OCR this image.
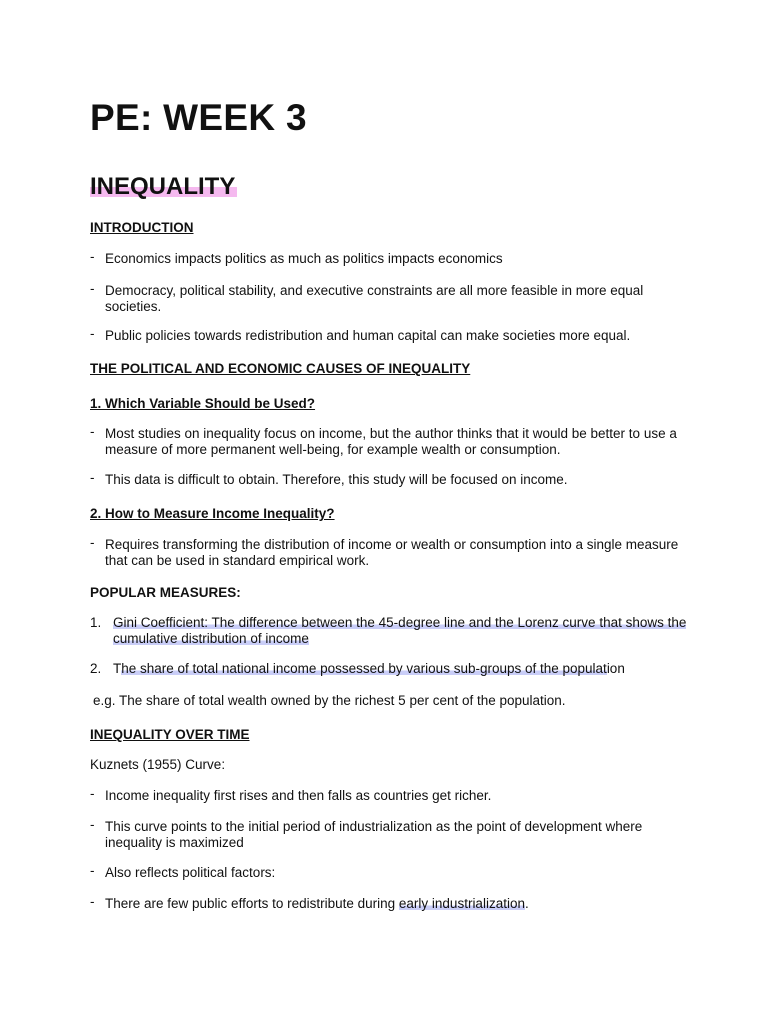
PE: WEEK 3
INEQUALITY
INTRODUCTION
- Economics impacts politics as much as politics impacts economics
- Democracy, political stability, and executive constraints are all more feasible in more equal societies.
- Public policies towards redistribution and human capital can make societies more equal.
THE POLITICAL AND ECONOMIC CAUSES OF INEQUALITY
1. Which Variable Should be Used?
- Most studies on inequality focus on income, but the author thinks that it would be better to use a measure of more permanent well-being, for example wealth or consumption.
- This data is difficult to obtain. Therefore, this study will be focused on income.
2. How to Measure Income Inequality?
- Requires transforming the distribution of income or wealth or consumption into a single measure that can be used in standard empirical work.
POPULAR MEASURES:
1. Gini Coefficient: The difference between the 45-degree line and the Lorenz curve that shows the cumulative distribution of income
2. The share of total national income possessed by various sub-groups of the population
e.g. The share of total wealth owned by the richest 5 per cent of the population.
INEQUALITY OVER TIME
Kuznets (1955) Curve:
- Income inequality first rises and then falls as countries get richer.
- This curve points to the initial period of industrialization as the point of development where inequality is maximized
- Also reflects political factors:
- There are few public efforts to redistribute during early industrialization.
